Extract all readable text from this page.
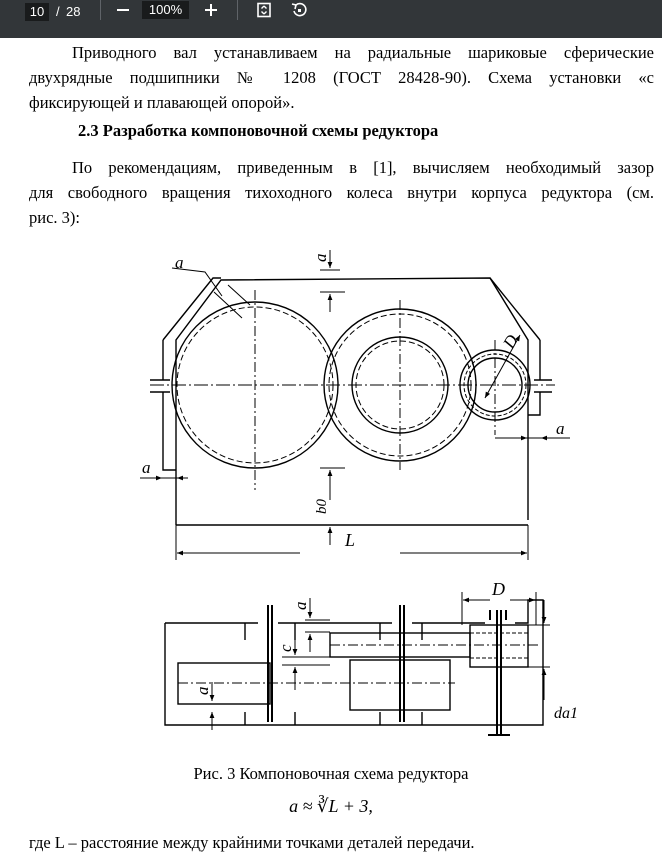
10 / 28	100%
Приводного вал устанавливаем на радиальные шариковые сферические
двухрядные подшипники № 1208 (ГОСТ 28428-90). Схема установки «с
фиксирующей и плавающей опорой».
2.3 Разработка компоновочной схемы редуктора
По рекомендациям, приведенным в [1], вычисляем необходимый зазор
для свободного вращения тихоходного колеса внутри корпуса редуктора (см.
рис. 3):
a	a
D
a
a
b0
L
D
a
c
a
da1
Рис. 3 Компоновочная схема редуктора
a ≈ ∛L + 3,
где L – расстояние между крайними точками деталей передачи.
